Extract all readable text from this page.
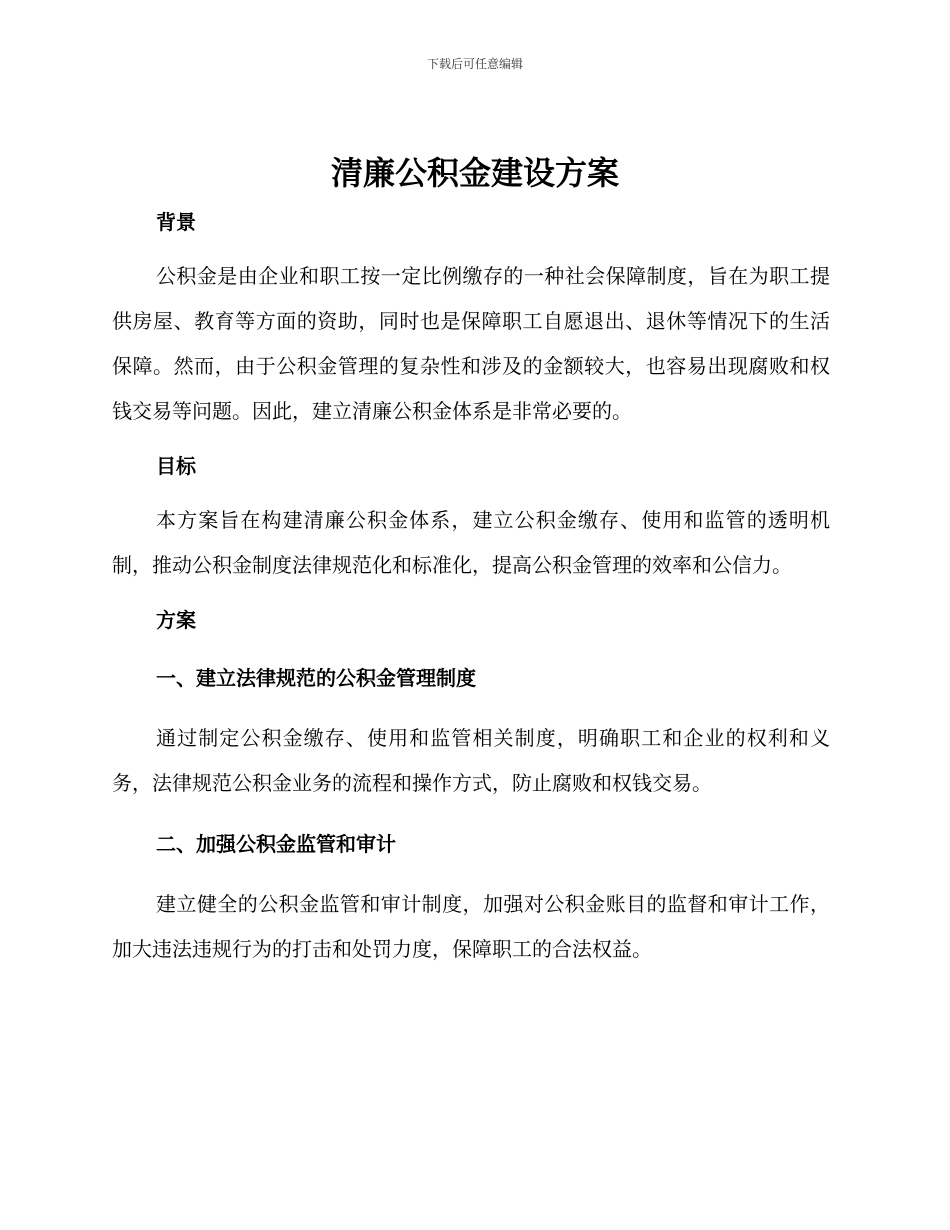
下载后可任意编辑
清廉公积金建设方案
背景

公积金是由企业和职工按一定比例缴存的一种社会保障制度，旨在为职工提供房屋、教育等方面的资助，同时也是保障职工自愿退出、退休等情况下的生活保障。然而，由于公积金管理的复杂性和涉及的金额较大，也容易出现腐败和权钱交易等问题。因此，建立清廉公积金体系是非常必要的。

目标

本方案旨在构建清廉公积金体系，建立公积金缴存、使用和监管的透明机制，推动公积金制度法律规范化和标准化，提高公积金管理的效率和公信力。

方案
一、建立法律规范的公积金管理制度

通过制定公积金缴存、使用和监管相关制度，明确职工和企业的权利和义务，法律规范公积金业务的流程和操作方式，防止腐败和权钱交易。

二、加强公积金监管和审计

建立健全的公积金监管和审计制度，加强对公积金账目的监督和审计工作，加大违法违规行为的打击和处罚力度，保障职工的合法权益。
